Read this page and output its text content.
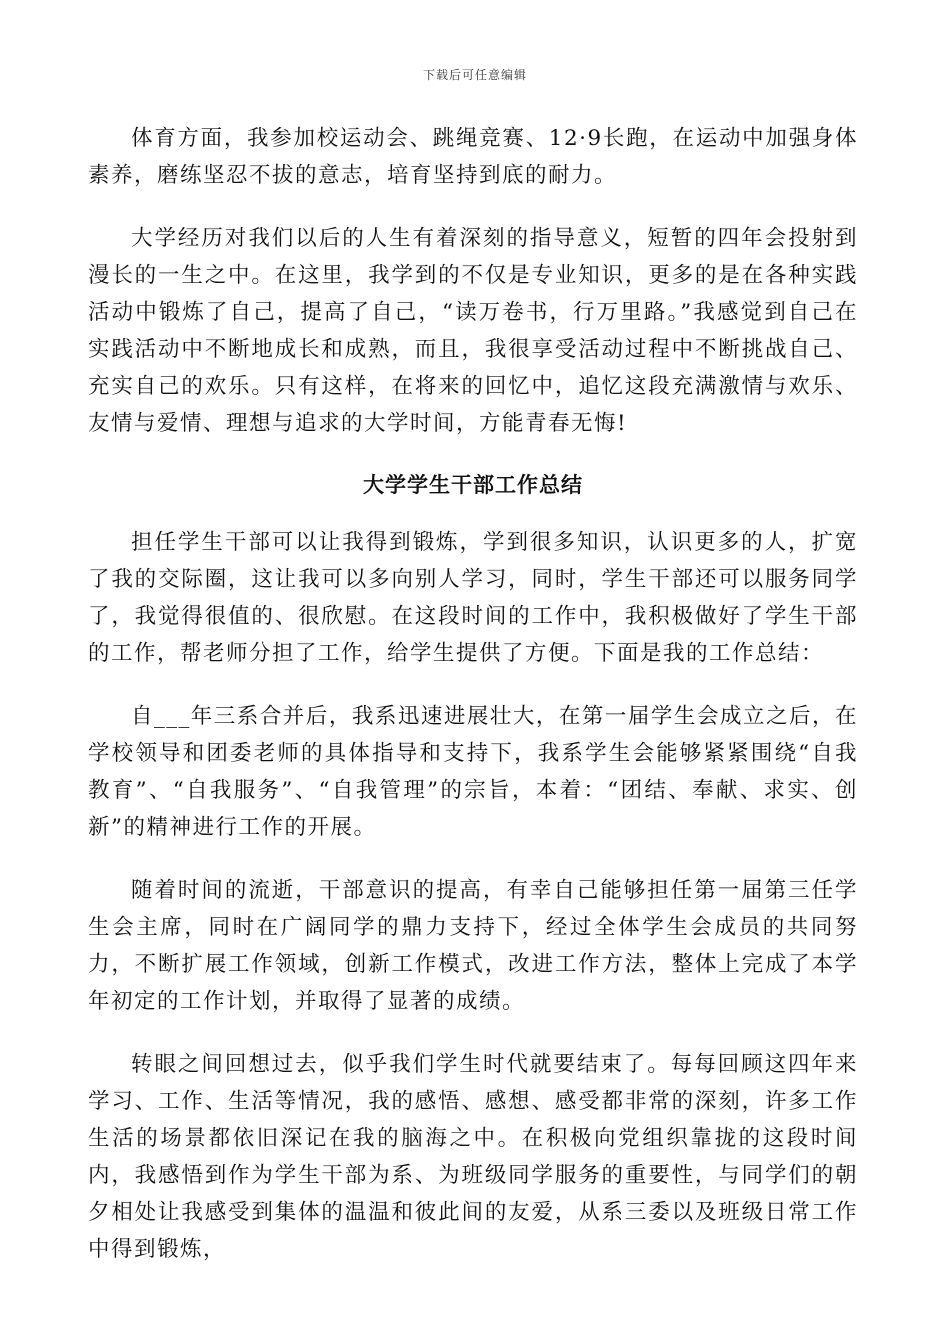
下载后可任意编辑

体育方面，我参加校运动会、跳绳竞赛、12·9长跑，在运动中加强身体素养，磨练坚忍不拔的意志，培育坚持到底的耐力。

大学经历对我们以后的人生有着深刻的指导意义，短暂的四年会投射到漫长的一生之中。在这里，我学到的不仅是专业知识，更多的是在各种实践活动中锻炼了自己，提高了自己，“读万卷书，行万里路。”我感觉到自己在实践活动中不断地成长和成熟，而且，我很享受活动过程中不断挑战自己、充实自己的欢乐。只有这样，在将来的回忆中，追忆这段充满激情与欢乐、友情与爱情、理想与追求的大学时间，方能青春无悔!

大学学生干部工作总结

担任学生干部可以让我得到锻炼，学到很多知识，认识更多的人，扩宽了我的交际圈，这让我可以多向别人学习，同时，学生干部还可以服务同学了，我觉得很值的、很欣慰。在这段时间的工作中，我积极做好了学生干部的工作，帮老师分担了工作，给学生提供了方便。下面是我的工作总结：

自___年三系合并后，我系迅速进展壮大，在第一届学生会成立之后，在学校领导和团委老师的具体指导和支持下，我系学生会能够紧紧围绕“自我教育”、“自我服务”、“自我管理”的宗旨，本着：“团结、奉献、求实、创新”的精神进行工作的开展。

随着时间的流逝，干部意识的提高，有幸自己能够担任第一届第三任学生会主席，同时在广阔同学的鼎力支持下，经过全体学生会成员的共同努力，不断扩展工作领域，创新工作模式，改进工作方法，整体上完成了本学年初定的工作计划，并取得了显著的成绩。

转眼之间回想过去，似乎我们学生时代就要结束了。每每回顾这四年来学习、工作、生活等情况，我的感悟、感想、感受都非常的深刻，许多工作生活的场景都依旧深记在我的脑海之中。在积极向党组织靠拢的这段时间内，我感悟到作为学生干部为系、为班级同学服务的重要性，与同学们的朝夕相处让我感受到集体的温温和彼此间的友爱，从系三委以及班级日常工作中得到锻炼，
